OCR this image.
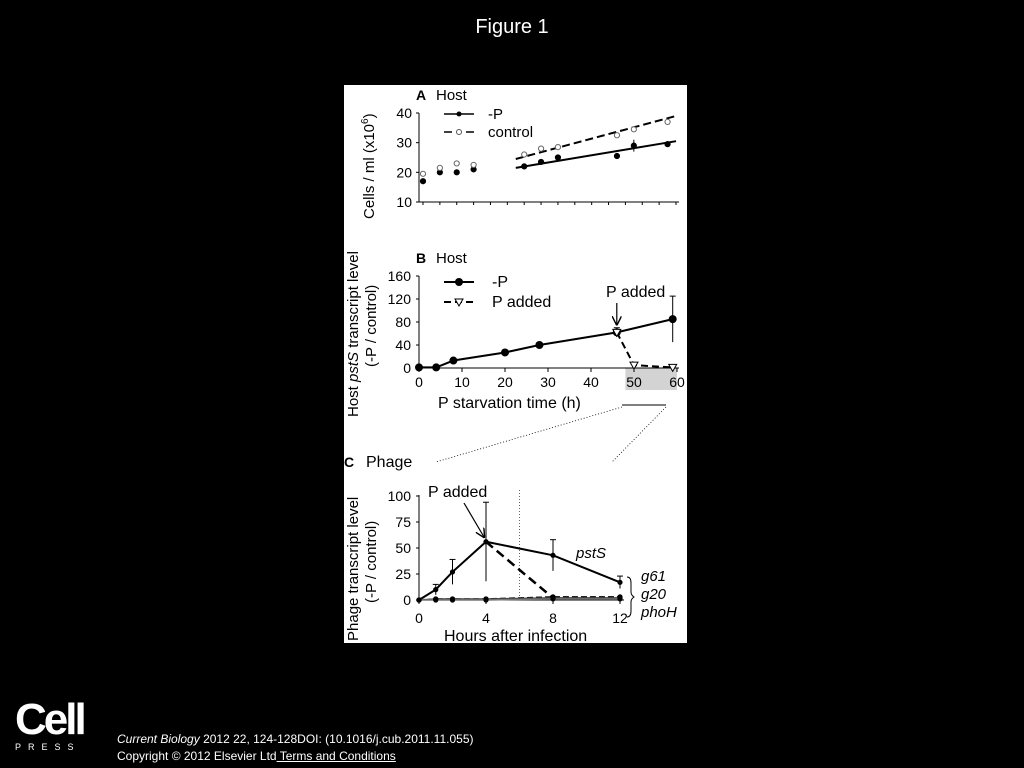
Figure 1
A Host
Cells / ml $(x10^6)$
10
20
30
40	-P
control
B Host
Host pstS transcript level (-P / control)
0
40
80
120
160
0 10 20 30 40 50 60
P starvation time (h)
-P
P added
P added
C Phage
Phage transcript level (-P / control) 0
25
50
75
100
0	4	8	12
Hours after infection
P added
pstS
g61
g20
phoH
Cell
PRESS
Current Biology 2012 22, 124-128DOI: (10.1016/j.cub.2011.11.055)
Copyright © 2012 Elsevier Ltd Terms and Conditions
